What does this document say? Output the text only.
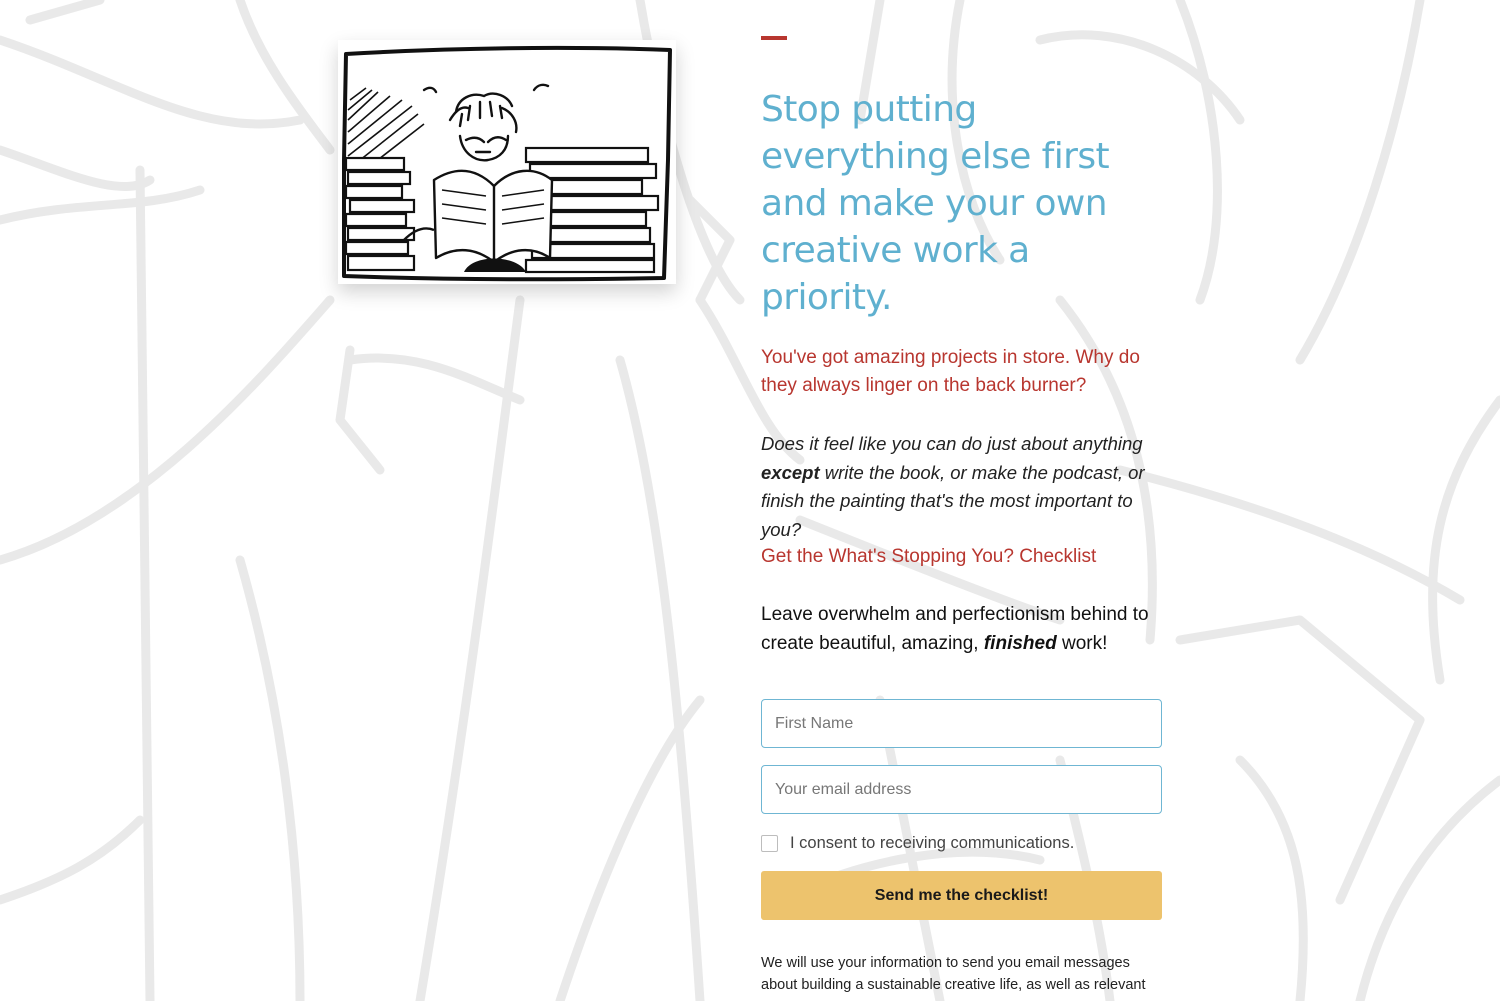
Stop putting everything else first and make your own creative work a priority.

You've got amazing projects in store. Why do they always linger on the back burner?

Does it feel like you can do just about anything except write the book, or make the podcast, or finish the painting that's the most important to you?

Get the What's Stopping You? Checklist

Leave overwhelm and perfectionism behind to create beautiful, amazing, finished work!

First Name
Your email address
I consent to receiving communications.
Send me the checklist!

We will use your information to send you email messages about building a sustainable creative life, as well as relevant
